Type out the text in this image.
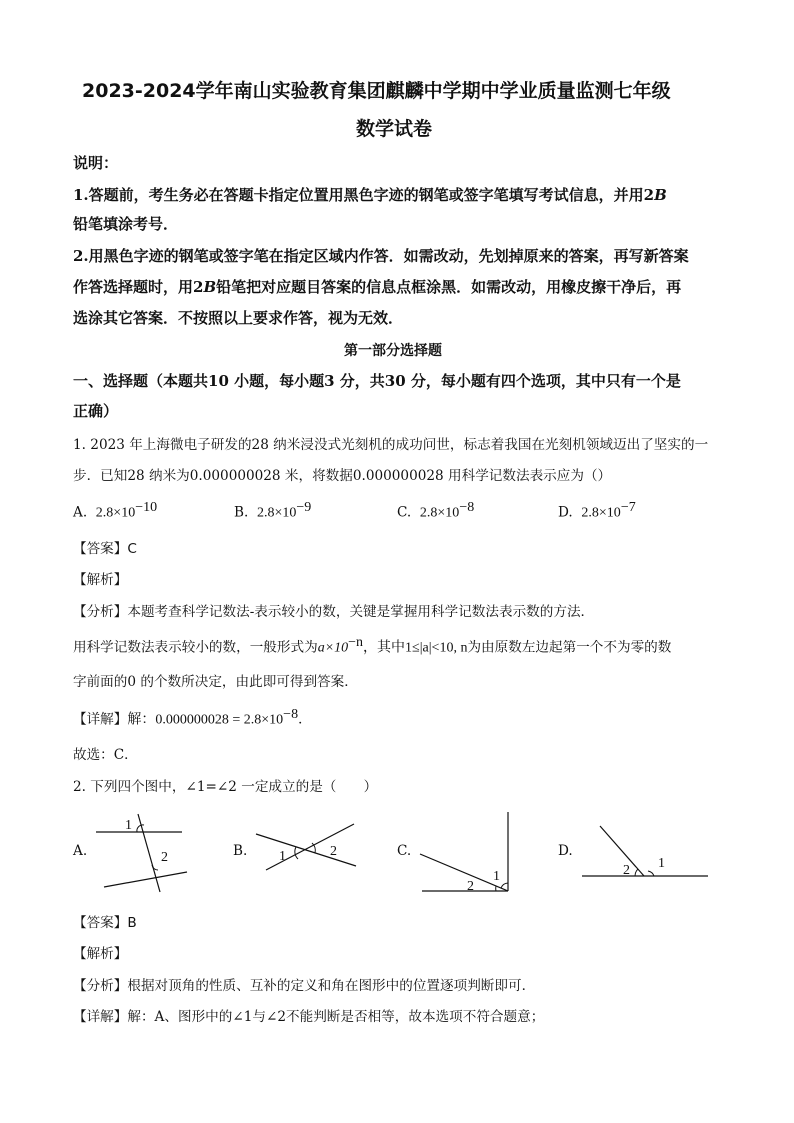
2023-2024学年南山实验教育集团麒麟中学期中学业质量监测七年级
数学试卷
说明：
1.答题前，考生务必在答题卡指定位置用黑色字迹的钢笔或签字笔填写考试信息，并用2B
铅笔填涂考号．
2.用黑色字迹的钢笔或签字笔在指定区域内作答．如需改动，先划掉原来的答案，再写新答案
作答选择题时，用2B铅笔把对应题目答案的信息点框涂黑．如需改动，用橡皮擦干净后，再
选涂其它答案．不按照以上要求作答，视为无效．
第一部分选择题
一、选择题（本题共10 小题，每小题3 分，共30 分，每小题有四个选项，其中只有一个是
正确）
1. 2023 年上海微电子研发的28 纳米浸没式光刻机的成功问世，标志着我国在光刻机领域迈出了坚实的一
步．已知28 纳米为0.000000028 米，将数据0.000000028 用科学记数法表示应为（）
A. $2.8\times 10^{-10}$	B. $2.8\times 10^{-9}$	C. $2.8\times 10^{-8}$	D. $2.8\times 10^{-7}$
【答案】C
【解析】
【分析】本题考查科学记数法-表示较小的数，关键是掌握用科学记数法表示数的方法．
用科学记数法表示较小的数，一般形式为$a\times 10^{-n}$，其中1≤|a|<10, n为由原数左边起第一个不为零的数
字前面的0 的个数所决定，由此即可得到答案．
【详解】解：$0.000000028 = 2.8\times 10^{-8}$．
故选：C．
2. 下列四个图中，∠1=∠2 一定成立的是（　　）
A.
1
2	B. 1	2	C.
2
1
D.
2 1
【答案】B
【解析】
【分析】根据对顶角的性质、互补的定义和角在图形中的位置逐项判断即可．
【详解】解：A、图形中的∠1与∠2不能判断是否相等，故本选项不符合题意；
